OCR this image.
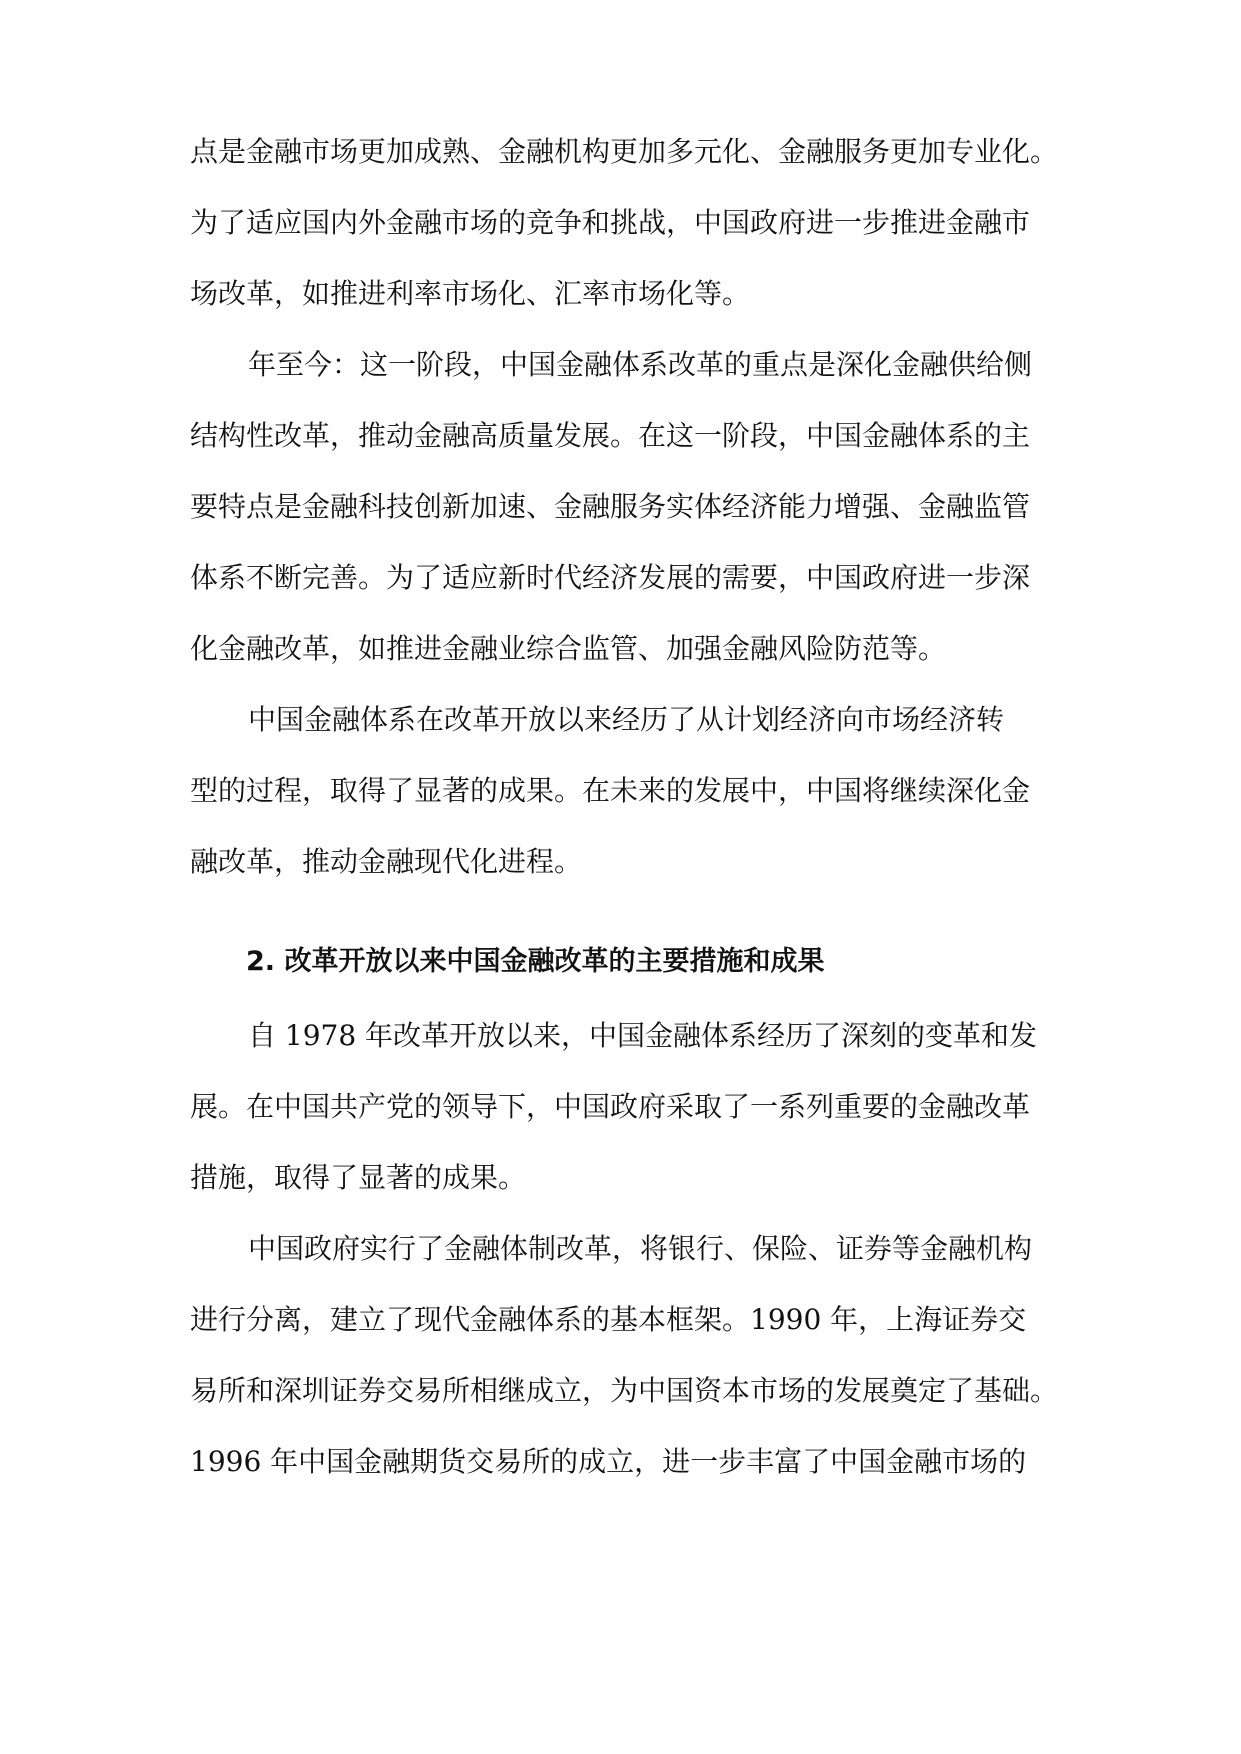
点是金融市场更加成熟、金融机构更加多元化、金融服务更加专业化。
为了适应国内外金融市场的竞争和挑战，中国政府进一步推进金融市
场改革，如推进利率市场化、汇率市场化等。
年至今：这一阶段，中国金融体系改革的重点是深化金融供给侧
结构性改革，推动金融高质量发展。在这一阶段，中国金融体系的主
要特点是金融科技创新加速、金融服务实体经济能力增强、金融监管
体系不断完善。为了适应新时代经济发展的需要，中国政府进一步深
化金融改革，如推进金融业综合监管、加强金融风险防范等。
中国金融体系在改革开放以来经历了从计划经济向市场经济转
型的过程，取得了显著的成果。在未来的发展中，中国将继续深化金
融改革，推动金融现代化进程。
2. 改革开放以来中国金融改革的主要措施和成果
自 1978 年改革开放以来，中国金融体系经历了深刻的变革和发
展。在中国共产党的领导下，中国政府采取了一系列重要的金融改革
措施，取得了显著的成果。
中国政府实行了金融体制改革，将银行、保险、证券等金融机构
进行分离，建立了现代金融体系的基本框架。1990 年，上海证券交
易所和深圳证券交易所相继成立，为中国资本市场的发展奠定了基础。
1996 年中国金融期货交易所的成立，进一步丰富了中国金融市场的
